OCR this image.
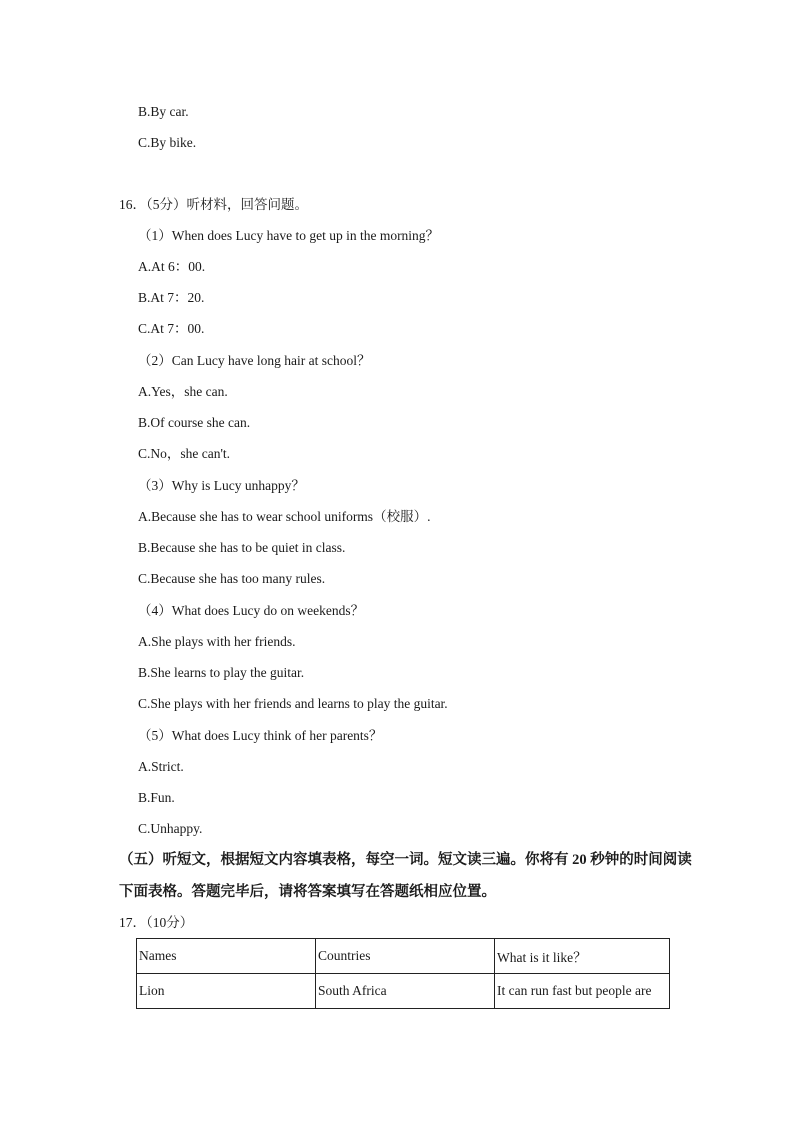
B.By car.
C.By bike.
16．（5分）听材料，回答问题。
（1）When does Lucy have to get up in the morning？
A.At 6：00.
B.At 7：20.
C.At 7：00.
（2）Can Lucy have long hair at school？
A.Yes，she can.
B.Of course she can.
C.No，she can't.
（3）Why is Lucy unhappy？
A.Because she has to wear school uniforms（校服）.
B.Because she has to be quiet in class.
C.Because she has too many rules.
（4）What does Lucy do on weekends？
A.She plays with her friends.
B.She learns to play the guitar.
C.She plays with her friends and learns to play the guitar.
（5）What does Lucy think of her parents？
A.Strict.
B.Fun.
C.Unhappy.
（五）听短文，根据短文内容填表格，每空一词。短文读三遍。你将有 20 秒钟的时间阅读
下面表格。答题完毕后，请将答案填写在答题纸相应位置。
17．（10分）
Names	Countries	What is it like？
Lion	South Africa	It can run fast but people are
